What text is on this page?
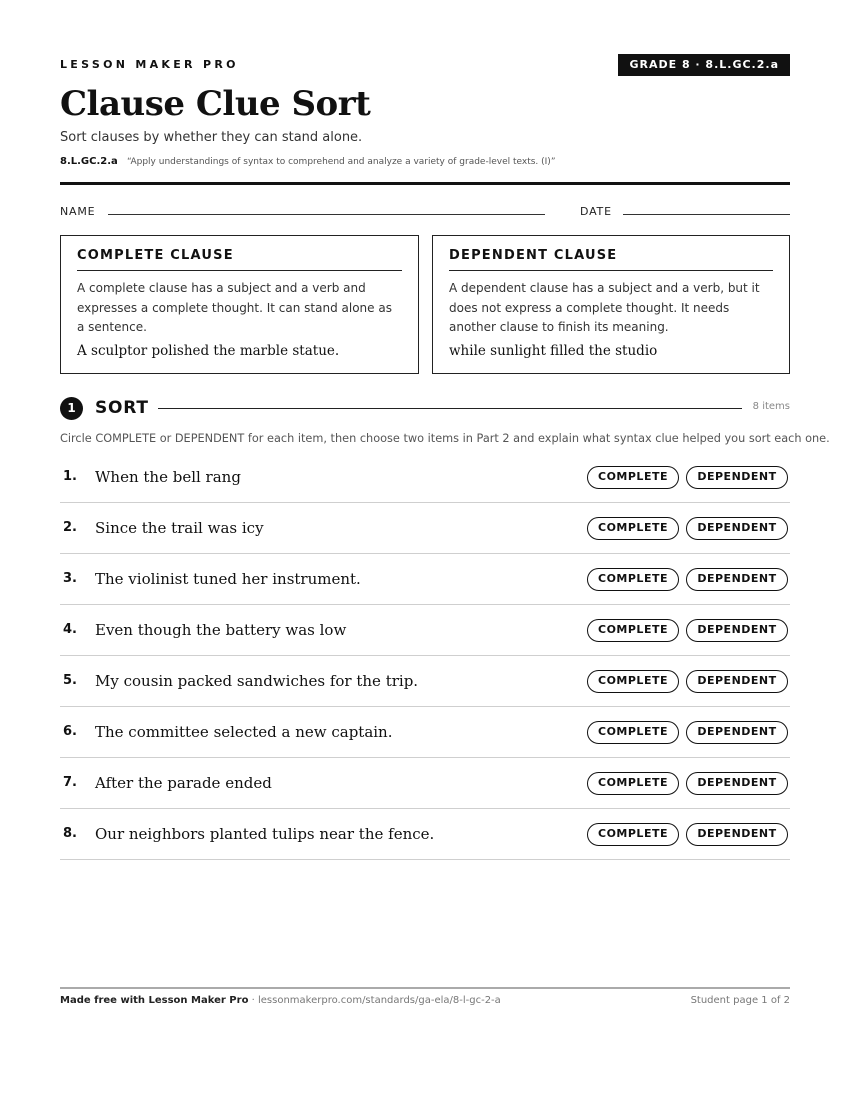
LESSON MAKER PRO	GRADE 8 · 8.L.GC.2.a
Clause Clue Sort
Sort clauses by whether they can stand alone.
8.L.GC.2.a “Apply understandings of syntax to comprehend and analyze a variety of grade-level texts. (I)”
NAME	DATE
COMPLETE CLAUSE
A complete clause has a subject and a verb and expresses a complete thought. It can stand alone as a sentence.
A sculptor polished the marble statue.
DEPENDENT CLAUSE
A dependent clause has a subject and a verb, but it does not express a complete thought. It needs another clause to finish its meaning.
while sunlight filled the studio
1	SORT	8 items
Circle COMPLETE or DEPENDENT for each item, then choose two items in Part 2 and explain what syntax clue helped you sort each one.
1. When the bell rang	COMPLETE	DEPENDENT
2. Since the trail was icy	COMPLETE	DEPENDENT
3. The violinist tuned her instrument.	COMPLETE	DEPENDENT
4. Even though the battery was low	COMPLETE	DEPENDENT
5. My cousin packed sandwiches for the trip.	COMPLETE	DEPENDENT
6. The committee selected a new captain.	COMPLETE	DEPENDENT
7. After the parade ended	COMPLETE	DEPENDENT
8. Our neighbors planted tulips near the fence.	COMPLETE	DEPENDENT
Made free with Lesson Maker Pro · lessonmakerpro.com/standards/ga-ela/8-l-gc-2-a	Student page 1 of 2
